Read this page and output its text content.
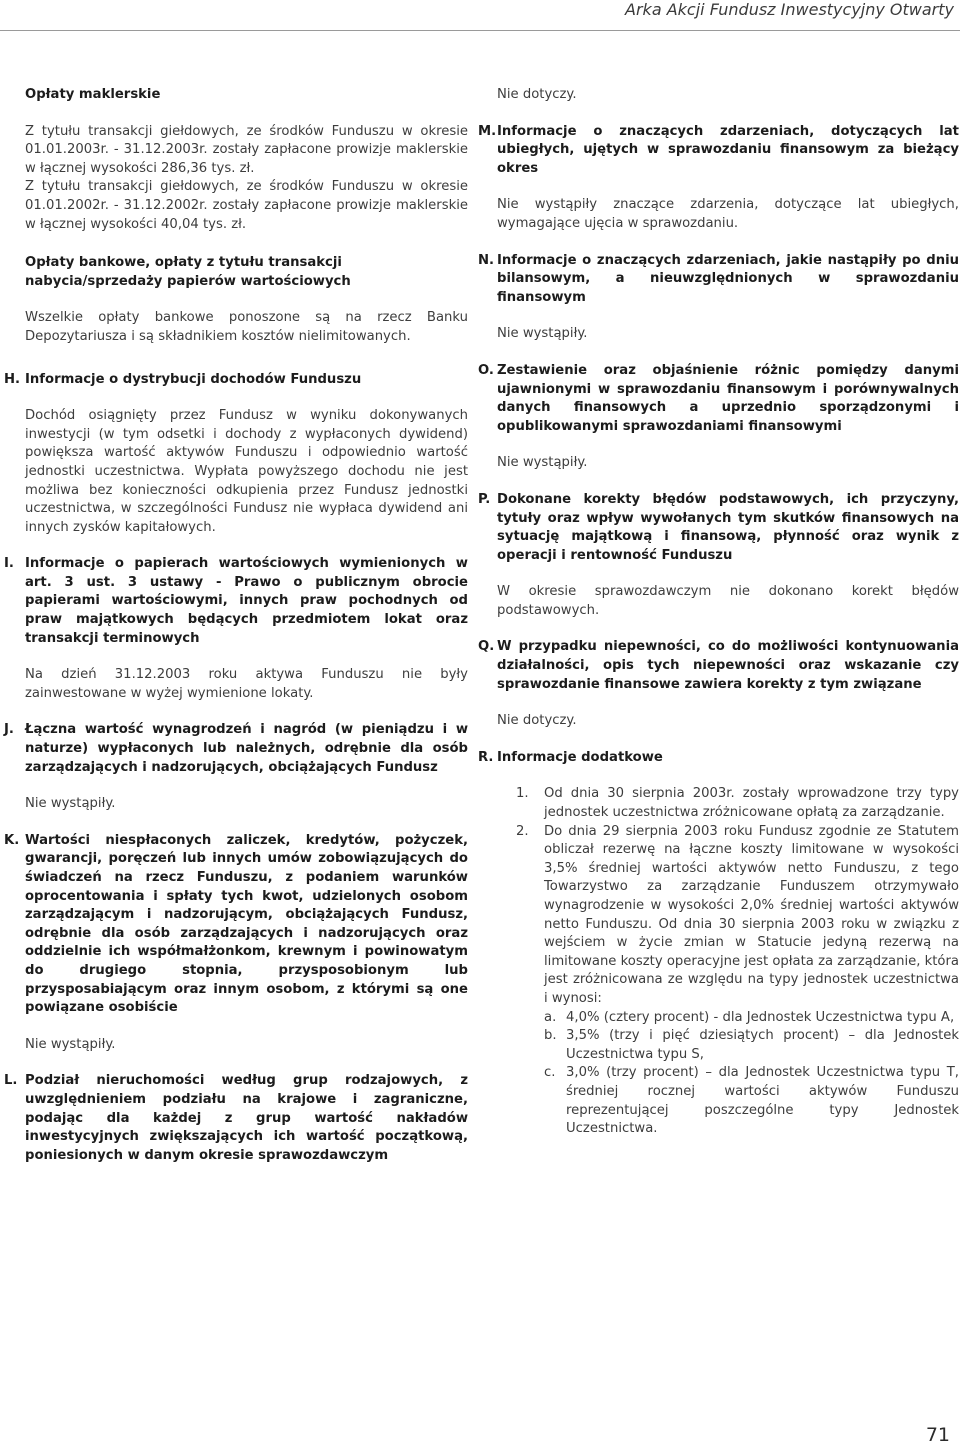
Arka Akcji Fundusz Inwestycyjny Otwarty
Opłaty maklerskie

Z tytułu transakcji giełdowych, ze środków Funduszu w okresie 01.01.2003r. - 31.12.2003r. zostały zapłacone prowizje maklerskie w łącznej wysokości 286,36 tys. zł.

Z tytułu transakcji giełdowych, ze środków Funduszu w okresie 01.01.2002r. - 31.12.2002r. zostały zapłacone prowizje maklerskie w łącznej wysokości 40,04 tys. zł.

Opłaty bankowe, opłaty z tytułu transakcji nabycia/sprzedaży papierów wartościowych

Wszelkie opłaty bankowe ponoszone są na rzecz Banku Depozytariusza i są składnikiem kosztów nielimitowanych.

H. Informacje o dystrybucji dochodów Funduszu

Dochód osiągnięty przez Fundusz w wyniku dokonywanych inwestycji (w tym odsetki i dochody z wypłaconych dywidend) powiększa wartość aktywów Funduszu i odpowiednio wartość jednostki uczestnictwa. Wypłata powyższego dochodu nie jest możliwa bez konieczności odkupienia przez Fundusz jednostki uczestnictwa, w szczególności Fundusz nie wypłaca dywidend ani innych zysków kapitałowych.

I. Informacje o papierach wartościowych wymienionych w art. 3 ust. 3 ustawy - Prawo o publicznym obrocie papierami wartościowymi, innych praw pochodnych od praw majątkowych będących przedmiotem lokat oraz transakcji terminowych

Na dzień 31.12.2003 roku aktywa Funduszu nie były zainwestowane w wyżej wymienione lokaty.

J. Łączna wartość wynagrodzeń i nagród (w pieniądzu i w naturze) wypłaconych lub należnych, odrębnie dla osób zarządzających i nadzorujących, obciążających Fundusz

Nie wystąpiły.

K. Wartości niespłaconych zaliczek, kredytów, pożyczek, gwarancji, poręczeń lub innych umów zobowiązujących do świadczeń na rzecz Funduszu, z podaniem warunków oprocentowania i spłaty tych kwot, udzielonych osobom zarządzającym i nadzorującym, obciążających Fundusz, odrębnie dla osób zarządzających i nadzorujących oraz oddzielnie ich współmałżonkom, krewnym i powinowatym do drugiego stopnia, przysposobionym lub przysposabiającym oraz innym osobom, z którymi są one powiązane osobiście

Nie wystąpiły.

L. Podział nieruchomości według grup rodzajowych, z uwzględnieniem podziału na krajowe i zagraniczne, podając dla każdej z grup wartość nakładów inwestycyjnych zwiększających ich wartość początkową, poniesionych w danym okresie sprawozdawczym

Nie dotyczy.

M. Informacje o znaczących zdarzeniach, dotyczących lat ubiegłych, ujętych w sprawozdaniu finansowym za bieżący okres

Nie wystąpiły znaczące zdarzenia, dotyczące lat ubiegłych, wymagające ujęcia w sprawozdaniu.

N. Informacje o znaczących zdarzeniach, jakie nastąpiły po dniu bilansowym, a nieuwzględnionych w sprawozdaniu finansowym

Nie wystąpiły.

O. Zestawienie oraz objaśnienie różnic pomiędzy danymi ujawnionymi w sprawozdaniu finansowym i porównywalnych danych finansowych a uprzednio sporządzonymi i opublikowanymi sprawozdaniami finansowymi

Nie wystąpiły.

P. Dokonane korekty błędów podstawowych, ich przyczyny, tytuły oraz wpływ wywołanych tym skutków finansowych na sytuację majątkową i finansową, płynność oraz wynik z operacji i rentowność Funduszu

W okresie sprawozdawczym nie dokonano korekt błędów podstawowych.

Q. W przypadku niepewności, co do możliwości kontynuowania działalności, opis tych niepewności oraz wskazanie czy sprawozdanie finansowe zawiera korekty z tym związane

Nie dotyczy.

R. Informacje dodatkowe
1.	Od dnia 30 sierpnia 2003r. zostały wprowadzone trzy typy jednostek uczestnictwa zróżnicowane opłatą za zarządzanie.
2.	Do dnia 29 sierpnia 2003 roku Fundusz zgodnie ze Statutem obliczał rezerwę na łączne koszty limitowane w wysokości 3,5% średniej wartości aktywów netto Funduszu, z tego Towarzystwo za zarządzanie Funduszem otrzymywało wynagrodzenie w wysokości 2,0% średniej wartości aktywów netto Funduszu. Od dnia 30 sierpnia 2003 roku w związku z wejściem w życie zmian w Statucie jedyną rezerwą na limitowane koszty operacyjne jest opłata za zarządzanie, która jest zróżnicowana ze względu na typy jednostek uczestnictwa i wynosi:
a. 4,0% (cztery procent) - dla Jednostek Uczestnictwa typu A,
b. 3,5% (trzy i pięć dziesiątych procent) – dla Jednostek Uczestnictwa typu S,
c. 3,0% (trzy procent) – dla Jednostek Uczestnictwa typu T, średniej rocznej wartości aktywów Funduszu reprezentującej poszczególne typy Jednostek Uczestnictwa.
71
